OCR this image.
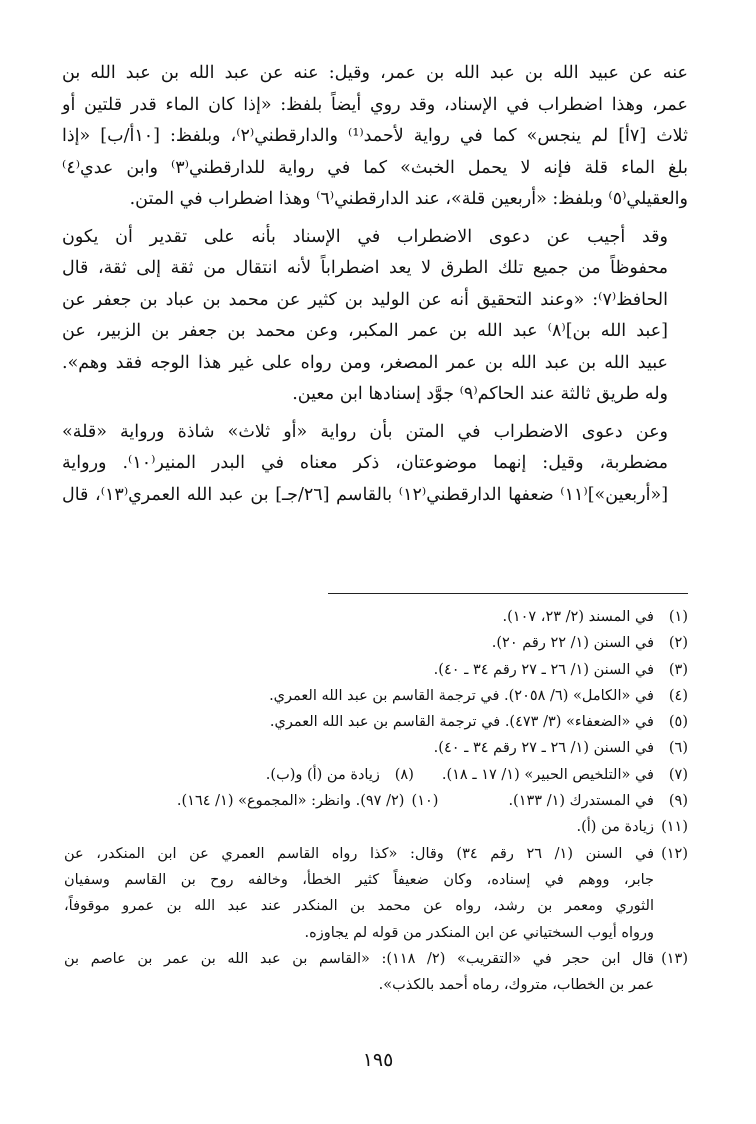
عنه عن عبيد الله بن عبد الله بن عمر، وقيل: عنه عن عبد الله بن عبد الله بن
عمر، وهذا اضطراب في الإسناد، وقد روي أيضاً بلفظ: «إذا كان الماء قدر قلتين أو
ثلاث [٧أ] لم ينجس» كما في رواية لأحمد⁽¹⁾ والدارقطني⁽٢⁾، وبلفظ: [١٠أ/ب] «إذا
بلغ الماء قلة فإنه لا يحمل الخبث» كما في رواية للدارقطني⁽٣⁾ وابن عدي⁽٤⁾
والعقيلي⁽٥⁾ وبلفظ: «أربعين قلة»، عند الدارقطني⁽٦⁾ وهذا اضطراب في المتن.

وقد أجيب عن دعوى الاضطراب في الإسناد بأنه على تقدير أن يكون
محفوظاً من جميع تلك الطرق لا يعد اضطراباً لأنه انتقال من ثقة إلى ثقة، قال
الحافظ⁽٧⁾: «وعند التحقيق أنه عن الوليد بن كثير عن محمد بن عباد بن جعفر عن
[عبد الله بن]⁽٨⁾ عبد الله بن عمر المكبر، وعن محمد بن جعفر بن الزبير، عن
عبيد الله بن عبد الله بن عمر المصغر، ومن رواه على غير هذا الوجه فقد وهم».
وله طريق ثالثة عند الحاكم⁽٩⁾ جوَّد إسنادها ابن معين.

وعن دعوى الاضطراب في المتن بأن رواية «أو ثلاث» شاذة ورواية «قلة»
مضطربة، وقيل: إنهما موضوعتان، ذكر معناه في البدر المنير⁽١٠⁾. ورواية
[«أربعين»]⁽١١⁾ ضعفها الدارقطني⁽١٢⁾ بالقاسم [٢٦/جـ] بن عبد الله العمري⁽١٣⁾، قال

(١)
في المسند (٢/ ٢٣، ١٠٧).
(٢)
في السنن (١/ ٢٢ رقم ٢٠).
(٣)
في السنن (١/ ٢٦ ـ ٢٧ رقم ٣٤ ـ ٤٠).
(٤)
في «الكامل» (٦/ ٢٠٥٨). في ترجمة القاسم بن عبد الله العمري.
(٥)
في «الضعفاء» (٣/ ٤٧٣). في ترجمة القاسم بن عبد الله العمري.
(٦)
في السنن (١/ ٢٦ ـ ٢٧ رقم ٣٤ ـ ٤٠).
(٧)
في «التلخيص الحبير» (١/ ١٧ ـ ١٨).
(٨)
زيادة من (أ) و(ب).
(٩)
في المستدرك (١/ ١٣٣).
(١٠)
(٢/ ٩٧). وانظر: «المجموع» (١/ ١٦٤).
(١١)
زيادة من (أ).
(١٢)
في السنن (١/ ٢٦ رقم ٣٤) وقال: «كذا رواه القاسم العمري عن ابن المنكدر، عن
جابر، ووهم في إسناده، وكان ضعيفاً كثير الخطأ، وخالفه روح بن القاسم وسفيان
الثوري ومعمر بن رشد، رواه عن محمد بن المنكدر عند عبد الله بن عمرو موقوفاً،
ورواه أيوب السختياني عن ابن المنكدر من قوله لم يجاوزه.
(١٣)
قال ابن حجر في «التقريب» (٢/ ١١٨): «القاسم بن عبد الله بن عمر بن عاصم بن
عمر بن الخطاب، متروك، رماه أحمد بالكذب».
١٩٥
